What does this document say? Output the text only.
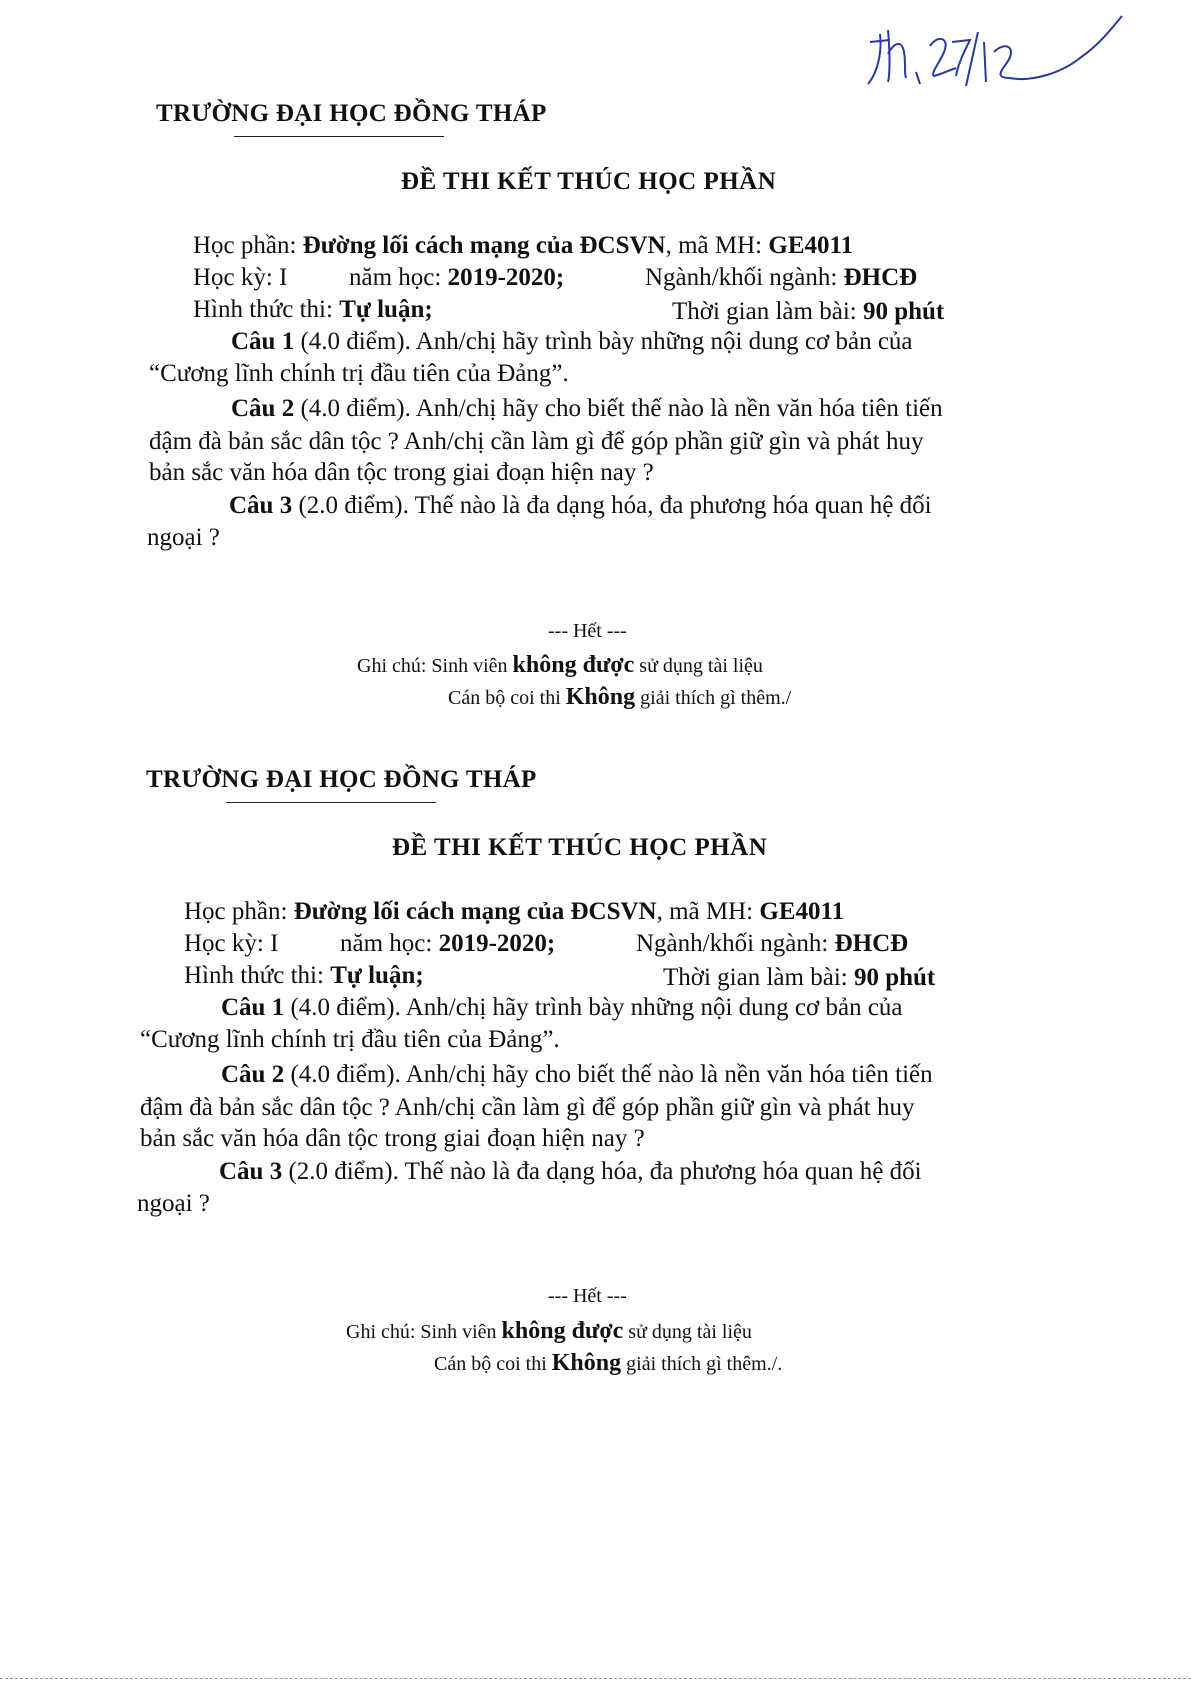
TRƯỜNG ĐẠI HỌC ĐỒNG THÁP
ĐỀ THI KẾT THÚC HỌC PHẦN
Học phần: Đường lối cách mạng của ĐCSVN, mã MH: GE4011
Học kỳ: I năm học: 2019-2020;	Ngành/khối ngành: ĐHCĐ
Hình thức thi: Tự luận;	Thời gian làm bài: 90 phút
Câu 1 (4.0 điểm). Anh/chị hãy trình bày những nội dung cơ bản của
“Cương lĩnh chính trị đầu tiên của Đảng”.
Câu 2 (4.0 điểm). Anh/chị hãy cho biết thế nào là nền văn hóa tiên tiến
đậm đà bản sắc dân tộc ? Anh/chị cần làm gì để góp phần giữ gìn và phát huy
bản sắc văn hóa dân tộc trong giai đoạn hiện nay ?
Câu 3 (2.0 điểm). Thế nào là đa dạng hóa, đa phương hóa quan hệ đối
ngoại ?
--- Hết ---
Ghi chú: Sinh viên không được sử dụng tài liệu
Cán bộ coi thi Không giải thích gì thêm./
TRƯỜNG ĐẠI HỌC ĐỒNG THÁP
ĐỀ THI KẾT THÚC HỌC PHẦN
Học phần: Đường lối cách mạng của ĐCSVN, mã MH: GE4011
Học kỳ: I năm học: 2019-2020;	Ngành/khối ngành: ĐHCĐ
Hình thức thi: Tự luận;	Thời gian làm bài: 90 phút
Câu 1 (4.0 điểm). Anh/chị hãy trình bày những nội dung cơ bản của
“Cương lĩnh chính trị đầu tiên của Đảng”.
Câu 2 (4.0 điểm). Anh/chị hãy cho biết thế nào là nền văn hóa tiên tiến
đậm đà bản sắc dân tộc ? Anh/chị cần làm gì để góp phần giữ gìn và phát huy
bản sắc văn hóa dân tộc trong giai đoạn hiện nay ?
Câu 3 (2.0 điểm). Thế nào là đa dạng hóa, đa phương hóa quan hệ đối
ngoại ?
--- Hết ---
Ghi chú: Sinh viên không được sử dụng tài liệu
Cán bộ coi thi Không giải thích gì thêm./.
